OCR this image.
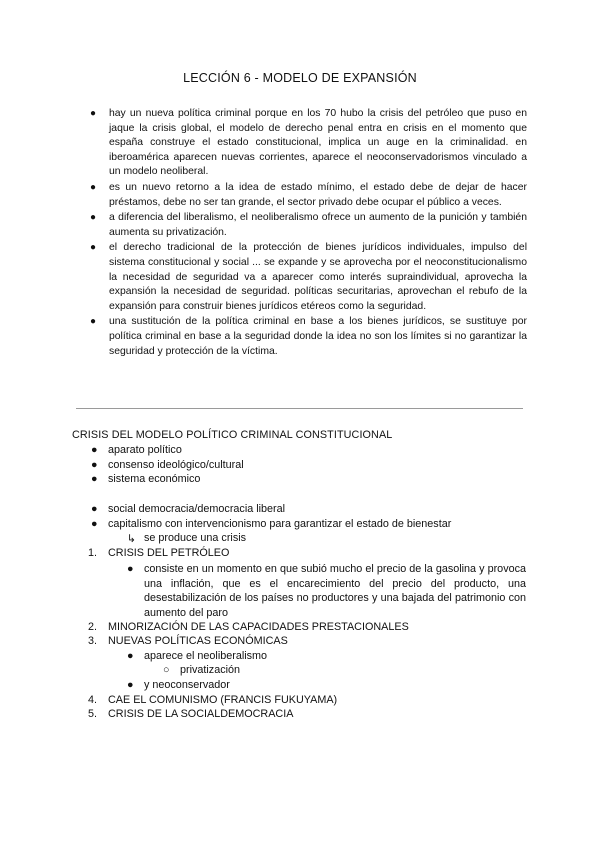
LECCIÓN 6 - MODELO DE EXPANSIÓN
● hay un nueva política criminal porque en los 70 hubo la crisis del petróleo que puso en jaque la crisis global, el modelo de derecho penal entra en crisis en el momento que españa construye el estado constitucional, implica un auge en la criminalidad. en iberoamérica aparecen nuevas corrientes, aparece el neoconservadorismos vinculado a un modelo neoliberal.
● es un nuevo retorno a la idea de estado mínimo, el estado debe de dejar de hacer préstamos, debe no ser tan grande, el sector privado debe ocupar el público a veces.
● a diferencia del liberalismo, el neoliberalismo ofrece un aumento de la punición y también aumenta su privatización.
● el derecho tradicional de la protección de bienes jurídicos individuales, impulso del sistema constitucional y social ... se expande y se aprovecha por el neoconstitucionalismo la necesidad de seguridad va a aparecer como interés supraindividual, aprovecha la expansión la necesidad de seguridad. políticas securitarias, aprovechan el rebufo de la expansión para construir bienes jurídicos etéreos como la seguridad.
● una sustitución de la política criminal en base a los bienes jurídicos, se sustituye por política criminal en base a la seguridad donde la idea no son los límites si no garantizar la seguridad y protección de la víctima.
CRISIS DEL MODELO POLÍTICO CRIMINAL CONSTITUCIONAL
● aparato político
● consenso ideológico/cultural
● sistema económico
● social democracia/democracia liberal
● capitalismo con intervencionismo para garantizar el estado de bienestar
↳ se produce una crisis
1. CRISIS DEL PETRÓLEO
● consiste en un momento en que subió mucho el precio de la gasolina y provoca una inflación, que es el encarecimiento del precio del producto, una desestabilización de los países no productores y una bajada del patrimonio con aumento del paro
2. MINORIZACIÓN DE LAS CAPACIDADES PRESTACIONALES
3. NUEVAS POLÍTICAS ECONÓMICAS
● aparece el neoliberalismo
○ privatización
● y neoconservador
4. CAE EL COMUNISMO (FRANCIS FUKUYAMA)
5. CRISIS DE LA SOCIALDEMOCRACIA
